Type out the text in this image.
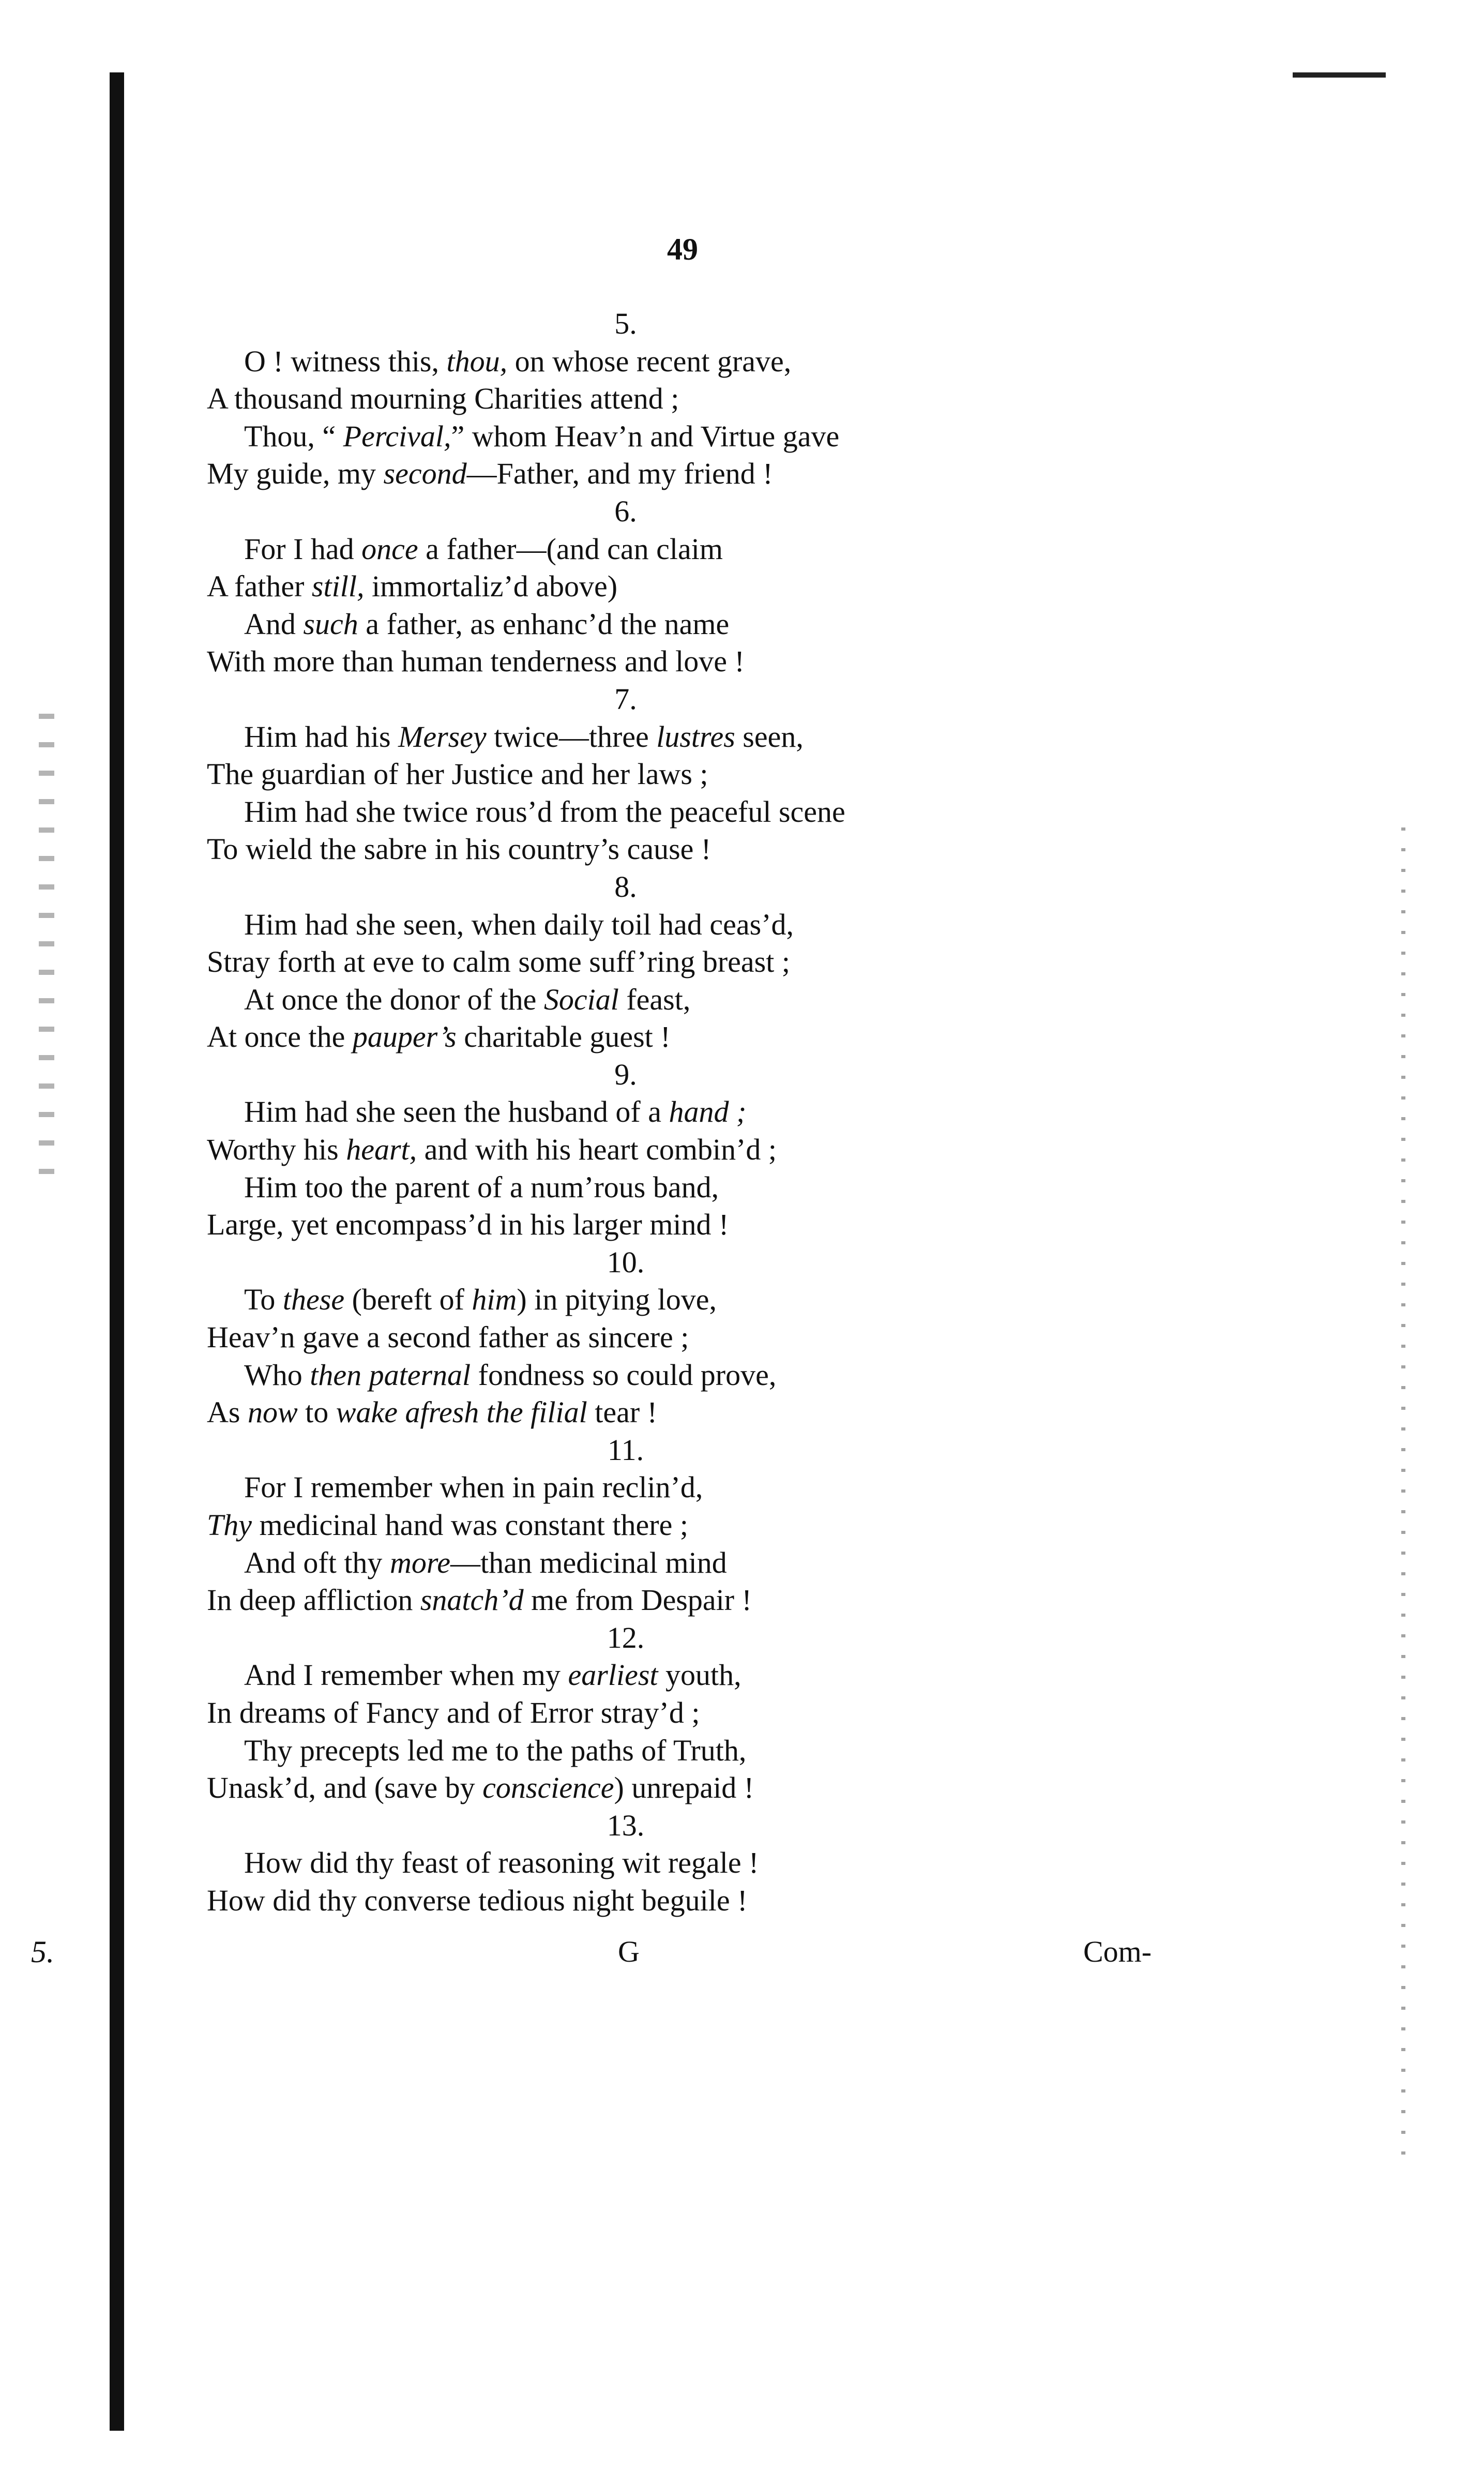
49
5.
O ! witness this, thou, on whose recent grave,
A thousand mourning Charities attend ;
Thou, “ Percival,” whom Heav’n and Virtue gave
My guide, my second—Father, and my friend !
6.
For I had once a father—(and can claim
A father still, immortaliz’d above)
And such a father, as enhanc’d the name
With more than human tenderness and love !
7.
Him had his Mersey twice—three lustres seen,
The guardian of her Justice and her laws ;
Him had she twice rous’d from the peaceful scene
To wield the sabre in his country’s cause !
8.
Him had she seen, when daily toil had ceas’d,
Stray forth at eve to calm some suff’ring breast ;
At once the donor of the Social feast,
At once the pauper’s charitable guest !
9.
Him had she seen the husband of a hand ;
Worthy his heart, and with his heart combin’d ;
Him too the parent of a num’rous band,
Large, yet encompass’d in his larger mind !
10.
To these (bereft of him) in pitying love,
Heav’n gave a second father as sincere ;
Who then paternal fondness so could prove,
As now to wake afresh the filial tear !
11.
For I remember when in pain reclin’d,
Thy medicinal hand was constant there ;
And oft thy more—than medicinal mind
In deep affliction snatch’d me from Despair !
12.
And I remember when my earliest youth,
In dreams of Fancy and of Error stray’d ;
Thy precepts led me to the paths of Truth,
Unask’d, and (save by conscience) unrepaid !
13.
How did thy feast of reasoning wit regale !
How did thy converse tedious night beguile !
5.	G	Com-
